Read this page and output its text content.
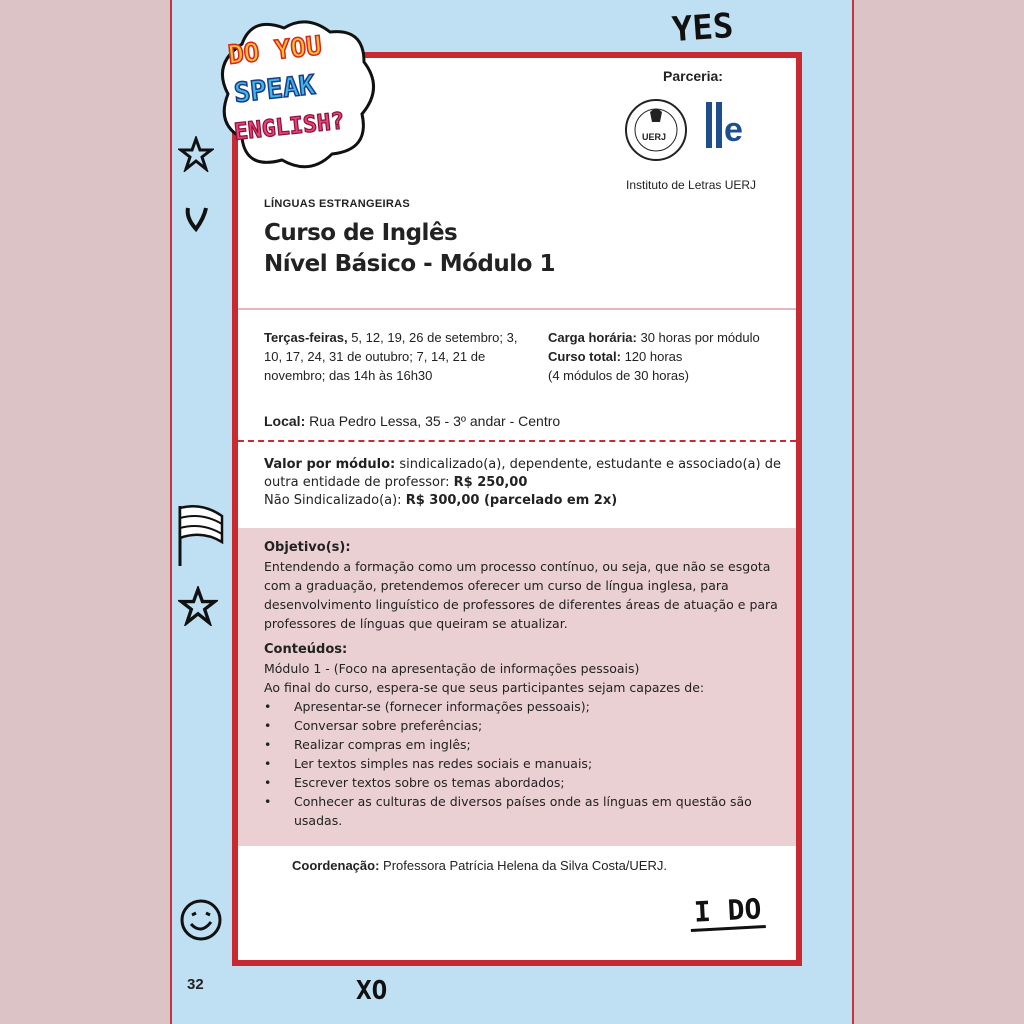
YES
DO YOU
SPEAK
ENGLISH?
Parceria:
UERJ e
Instituto de Letras UERJ
LÍNGUAS ESTRANGEIRAS
Curso de Inglês
Nível Básico - Módulo 1
Terças-feiras, 5, 12, 19, 26 de setembro; 3, 10, 17, 24, 31 de outubro; 7, 14, 21 de novembro; das 14h às 16h30
Carga horária: 30 horas por módulo
Curso total: 120 horas
(4 módulos de 30 horas)
Local: Rua Pedro Lessa, 35 - 3º andar - Centro
Valor por módulo: sindicalizado(a), dependente, estudante e associado(a) de outra entidade de professor: R$ 250,00
Não Sindicalizado(a): R$ 300,00 (parcelado em 2x)
Objetivo(s):
Entendendo a formação como um processo contínuo, ou seja, que não se esgota com a graduação, pretendemos oferecer um curso de língua inglesa, para desenvolvimento linguístico de professores de diferentes áreas de atuação e para professores de línguas que queiram se atualizar.
Conteúdos:
Módulo 1 - (Foco na apresentação de informações pessoais)
Ao final do curso, espera-se que seus participantes sejam capazes de:
• Apresentar-se (fornecer informações pessoais);
• Conversar sobre preferências;
• Realizar compras em inglês;
• Ler textos simples nas redes sociais e manuais;
• Escrever textos sobre os temas abordados;
• Conhecer as culturas de diversos países onde as línguas em questão são usadas.
Coordenação: Professora Patrícia Helena da Silva Costa/UERJ.
I DO
32	XO
